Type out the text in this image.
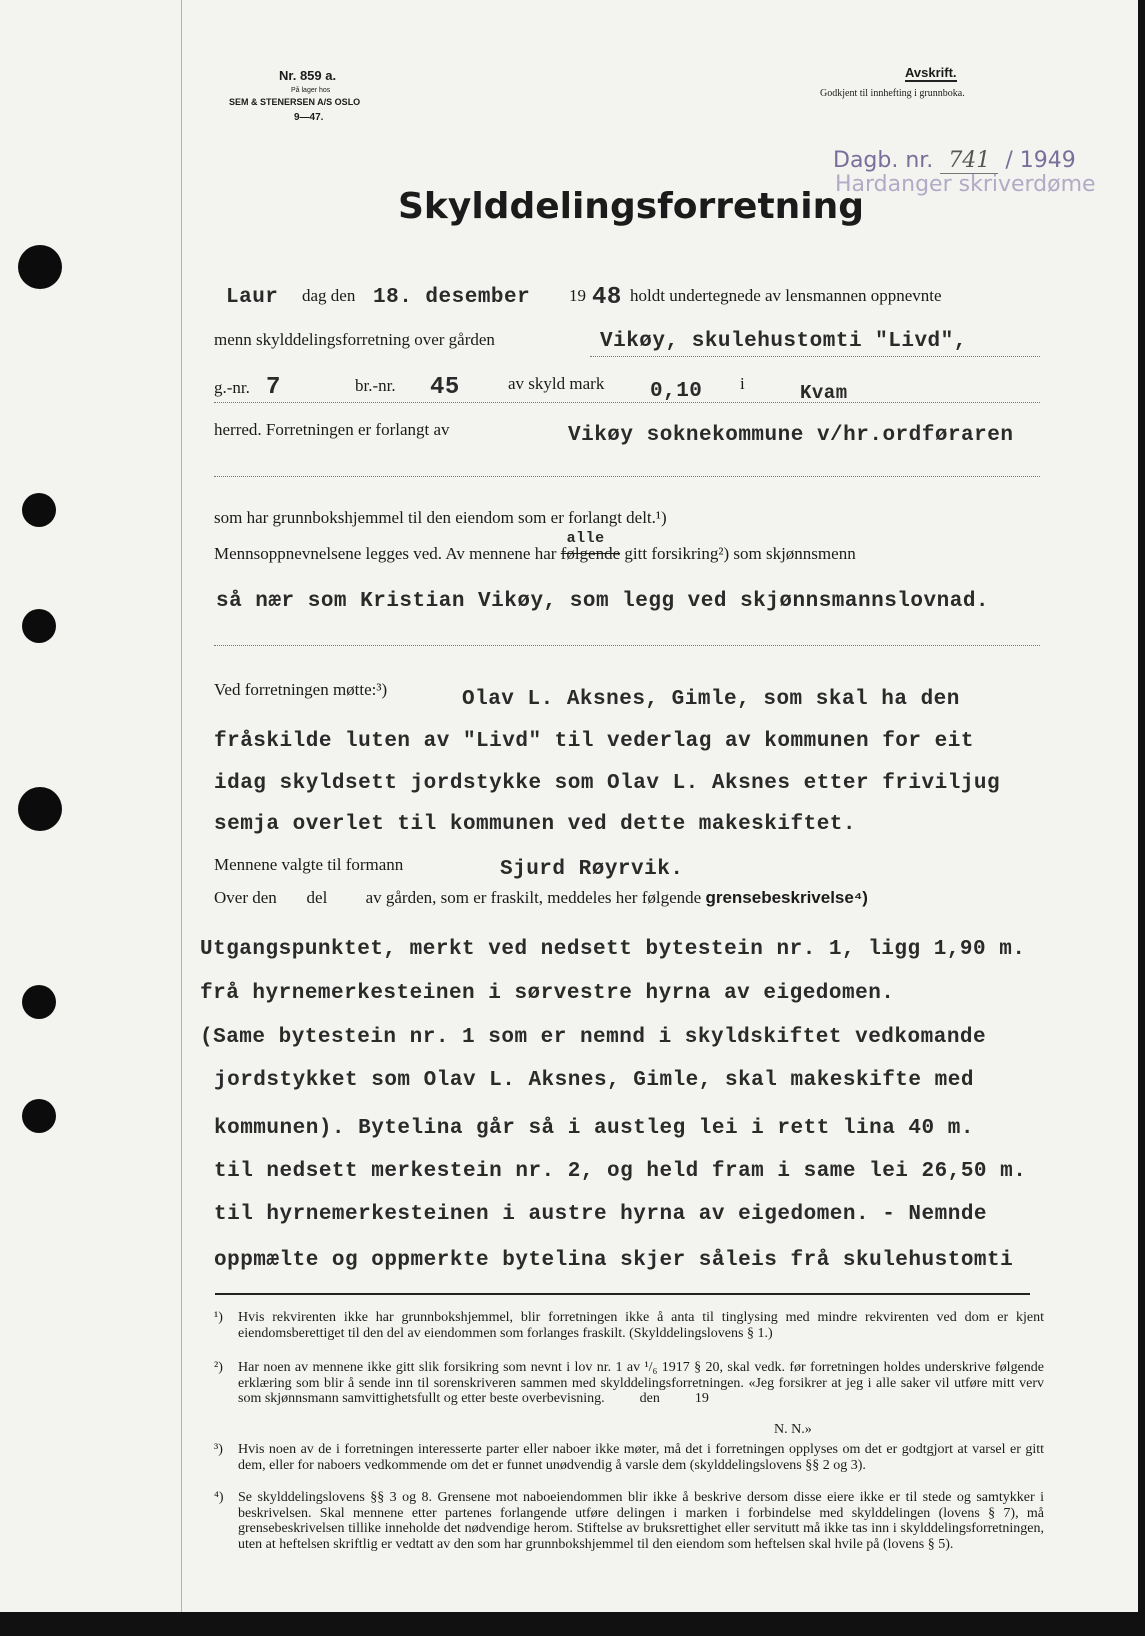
Nr. 859 a.
På lager hos
SEM & STENERSEN A/S OSLO
9—47.
Avskrift.
Godkjent til innhefting i grunnboka.
Dagb. nr. 741 / 1949
Hardanger skriverdøme
Skylddelingsforretning
Laur dag den 18. desember 19 48 holdt undertegnede av lensmannen oppnevnte
menn skylddelingsforretning over gården	Vikøy, skulehustomti "Livd",
g.-nr. 7	br.-nr. 45	av skyld mark 0,10 i	Kvam
herred. Forretningen er forlangt av	Vikøy soknekommune v/hr.ordføraren
som har grunnbokshjemmel til den eiendom som er forlangt delt.¹)
Mennsoppnevnelsene legges ved. Av mennene har følgende
alle
gitt forsikring²) som skjønnsmenn
så nær som Kristian Vikøy, som legg ved skjønnsmannslovnad.
Ved forretningen møtte:³)	Olav L. Aksnes, Gimle, som skal ha den
fråskilde luten av "Livd" til vederlag av kommunen for eit
idag skyldsett jordstykke som Olav L. Aksnes etter friviljug
semja overlet til kommunen ved dette makeskiftet.
Mennene valgte til formann	Sjurd Røyrvik.
Over den del av gården, som er fraskilt, meddeles her følgende grensebeskrivelse⁴)
Utgangspunktet, merkt ved nedsett bytestein nr. 1, ligg 1,90 m.
frå hyrnemerkesteinen i sørvestre hyrna av eigedomen.
(Same bytestein nr. 1 som er nemnd i skyldskiftet vedkomande
jordstykket som Olav L. Aksnes, Gimle, skal makeskifte med
kommunen). Bytelina går så i austleg lei i rett lina 40 m.
til nedsett merkestein nr. 2, og held fram i same lei 26,50 m.
til hyrnemerkesteinen i austre hyrna av eigedomen. - Nemnde
oppmælte og oppmerkte bytelina skjer såleis frå skulehustomti
¹) Hvis rekvirenten ikke har grunnbokshjemmel, blir forretningen ikke å anta til tinglysing med mindre rekvirenten ved dom er kjent eiendomsberettiget til den del av eiendommen som forlanges fraskilt. (Skylddelingslovens § 1.)
²) Har noen av mennene ikke gitt slik forsikring som nevnt i lov nr. 1 av ¹/₆ 1917 § 20, skal vedk. før forretningen holdes underskrive følgende erklæring som blir å sende inn til sorenskriveren sammen med skylddelingsforretningen. «Jeg forsikrer at jeg i alle saker vil utføre mitt verv som skjønnsmann samvittighetsfullt og etter beste overbevisning.          den          19
N. N.»
³) Hvis noen av de i forretningen interesserte parter eller naboer ikke møter, må det i forretningen opplyses om det er godtgjort at varsel er gitt dem, eller for naboers vedkommende om det er funnet unødvendig å varsle dem (skylddelingslovens §§ 2 og 3).
⁴) Se skylddelingslovens §§ 3 og 8. Grensene mot naboeiendommen blir ikke å beskrive dersom disse eiere ikke er til stede og samtykker i beskrivelsen. Skal mennene etter partenes forlangende utføre delingen i marken i forbindelse med skylddelingen (lovens § 7), må grensebeskrivelsen tillike inneholde det nødvendige herom. Stiftelse av bruksrettighet eller servitutt må ikke tas inn i skylddelingsforretningen, uten at heftelsen skriftlig er vedtatt av den som har grunnbokshjemmel til den eiendom som heftelsen skal hvile på (lovens § 5).
